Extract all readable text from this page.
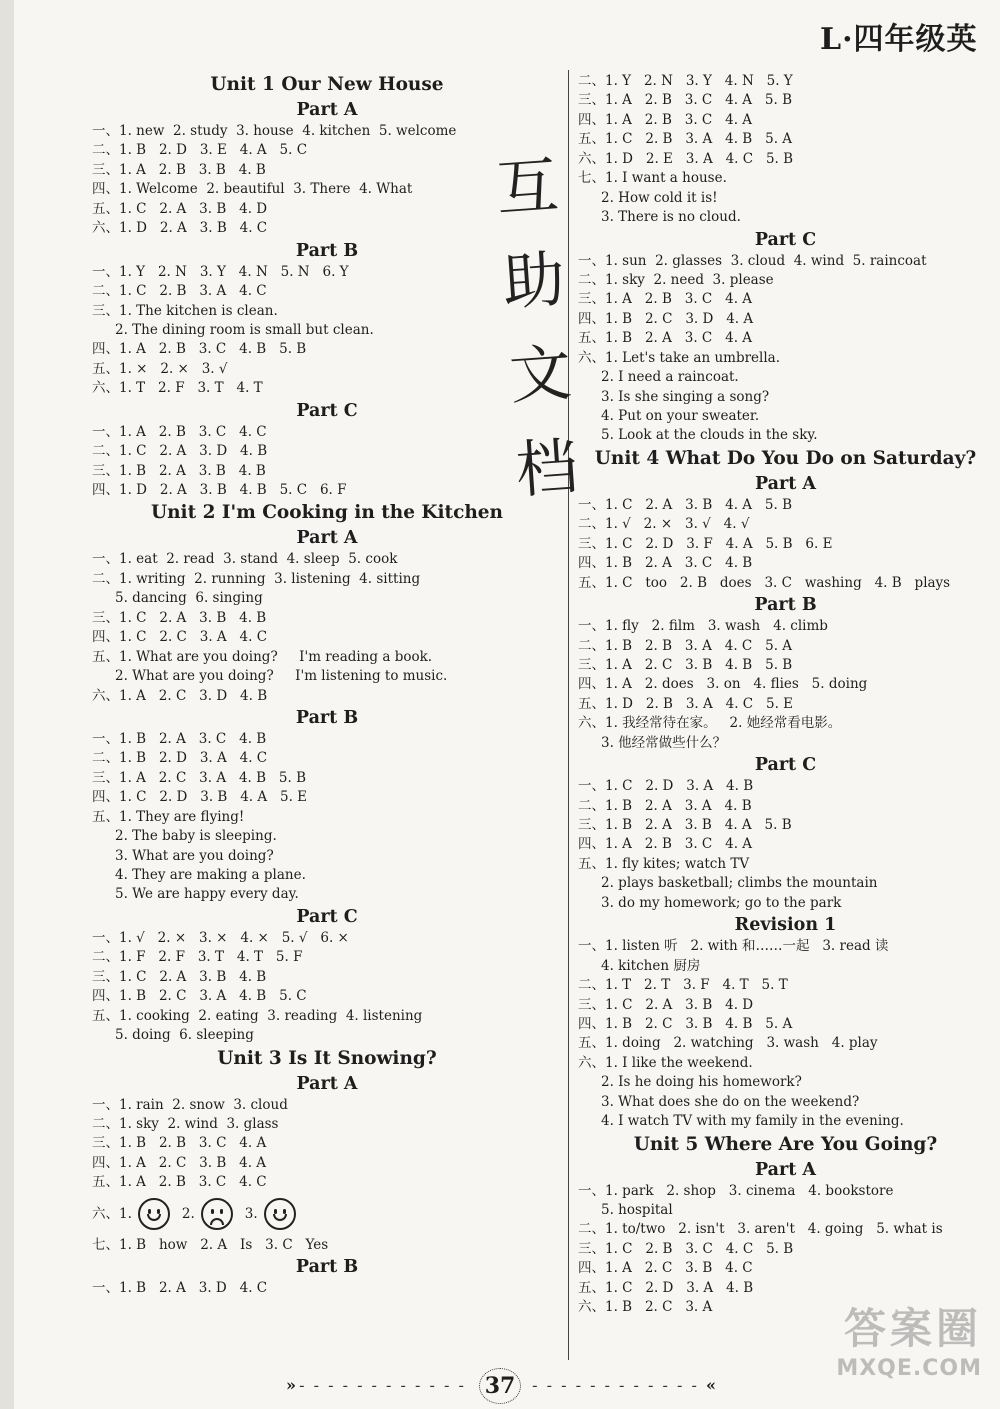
L·四年级英
Unit 1 Our New House
Part A
一、1. new  2. study  3. house  4. kitchen  5. welcome
二、1. B   2. D   3. E   4. A   5. C
三、1. A   2. B   3. B   4. B
四、1. Welcome  2. beautiful  3. There  4. What
五、1. C   2. A   3. B   4. D
六、1. D   2. A   3. B   4. C
Part B
一、1. Y   2. N   3. Y   4. N   5. N   6. Y
二、1. C   2. B   3. A   4. C
三、1. The kitchen is clean.
2. The dining room is small but clean.
四、1. A   2. B   3. C   4. B   5. B
五、1. ×   2. ×   3. √
六、1. T   2. F   3. T   4. T
Part C
一、1. A   2. B   3. C   4. C
二、1. C   2. A   3. D   4. B
三、1. B   2. A   3. B   4. B
四、1. D   2. A   3. B   4. B   5. C   6. F
Unit 2 I'm Cooking in the Kitchen
Part A
一、1. eat  2. read  3. stand  4. sleep  5. cook
二、1. writing  2. running  3. listening  4. sitting
5. dancing  6. singing
三、1. C   2. A   3. B   4. B
四、1. C   2. C   3. A   4. C
五、1. What are you doing?     I'm reading a book.
2. What are you doing?     I'm listening to music.
六、1. A   2. C   3. D   4. B
Part B
一、1. B   2. A   3. C   4. B
二、1. B   2. D   3. A   4. C
三、1. A   2. C   3. A   4. B   5. B
四、1. C   2. D   3. B   4. A   5. E
五、1. They are flying!
2. The baby is sleeping.
3. What are you doing?
4. They are making a plane.
5. We are happy every day.
Part C
一、1. √   2. ×   3. ×   4. ×   5. √   6. ×
二、1. F   2. F   3. T   4. T   5. F
三、1. C   2. A   3. B   4. B
四、1. B   2. C   3. A   4. B   5. C
五、1. cooking  2. eating  3. reading  4. listening
5. doing  6. sleeping
Unit 3 Is It Snowing?
Part A
一、1. rain  2. snow  3. cloud
二、1. sky  2. wind  3. glass
三、1. B   2. B   3. C   4. A
四、1. A   2. C   3. B   4. A
五、1. A   2. B   3. C   4. C
六、1.	2.	3.
七、1. B   how   2. A   Is   3. C   Yes
Part B
一、1. B   2. A   3. D   4. C
二、1. Y   2. N   3. Y   4. N   5. Y
三、1. A   2. B   3. C   4. A   5. B
四、1. A   2. B   3. C   4. A
五、1. C   2. B   3. A   4. B   5. A
六、1. D   2. E   3. A   4. C   5. B
七、1. I want a house.
2. How cold it is!
3. There is no cloud.
Part C
一、1. sun  2. glasses  3. cloud  4. wind  5. raincoat
二、1. sky  2. need  3. please
三、1. A   2. B   3. C   4. A
四、1. B   2. C   3. D   4. A
五、1. B   2. A   3. C   4. A
六、1. Let's take an umbrella.
2. I need a raincoat.
3. Is she singing a song?
4. Put on your sweater.
5. Look at the clouds in the sky.
Unit 4 What Do You Do on Saturday?
Part A
一、1. C   2. A   3. B   4. A   5. B
二、1. √   2. ×   3. √   4. √
三、1. C   2. D   3. F   4. A   5. B   6. E
四、1. B   2. A   3. C   4. B
五、1. C   too   2. B   does   3. C   washing   4. B   plays
Part B
一、1. fly   2. film   3. wash   4. climb
二、1. B   2. B   3. A   4. C   5. A
三、1. A   2. C   3. B   4. B   5. B
四、1. A   2. does   3. on   4. flies   5. doing
五、1. D   2. B   3. A   4. C   5. E
六、1. 我经常待在家。   2. 她经常看电影。
3. 他经常做些什么？
Part C
一、1. C   2. D   3. A   4. B
二、1. B   2. A   3. A   4. B
三、1. B   2. A   3. B   4. A   5. B
四、1. A   2. B   3. C   4. A
五、1. fly kites; watch TV
2. plays basketball; climbs the mountain
3. do my homework; go to the park
Revision 1
一、1. listen 听   2. with 和……一起   3. read 读
4. kitchen 厨房
二、1. T   2. T   3. F   4. T   5. T
三、1. C   2. A   3. B   4. D
四、1. B   2. C   3. B   4. B   5. A
五、1. doing   2. watching   3. wash   4. play
六、1. I like the weekend.
2. Is he doing his homework?
3. What does she do on the weekend?
4. I watch TV with my family in the evening.
Unit 5 Where Are You Going?
Part A
一、1. park   2. shop   3. cinema   4. bookstore
5. hospital
二、1. to/two   2. isn't   3. aren't   4. going   5. what is
三、1. C   2. B   3. C   4. C   5. B
四、1. A   2. C   3. B   4. C
五、1. C   2. D   3. A   4. B
六、1. B   2. C   3. A
互
助
文
档
» - - - - - - - - - - - - 37 - - - - - - - - - - - - «
答案圈
MXQE.COM
